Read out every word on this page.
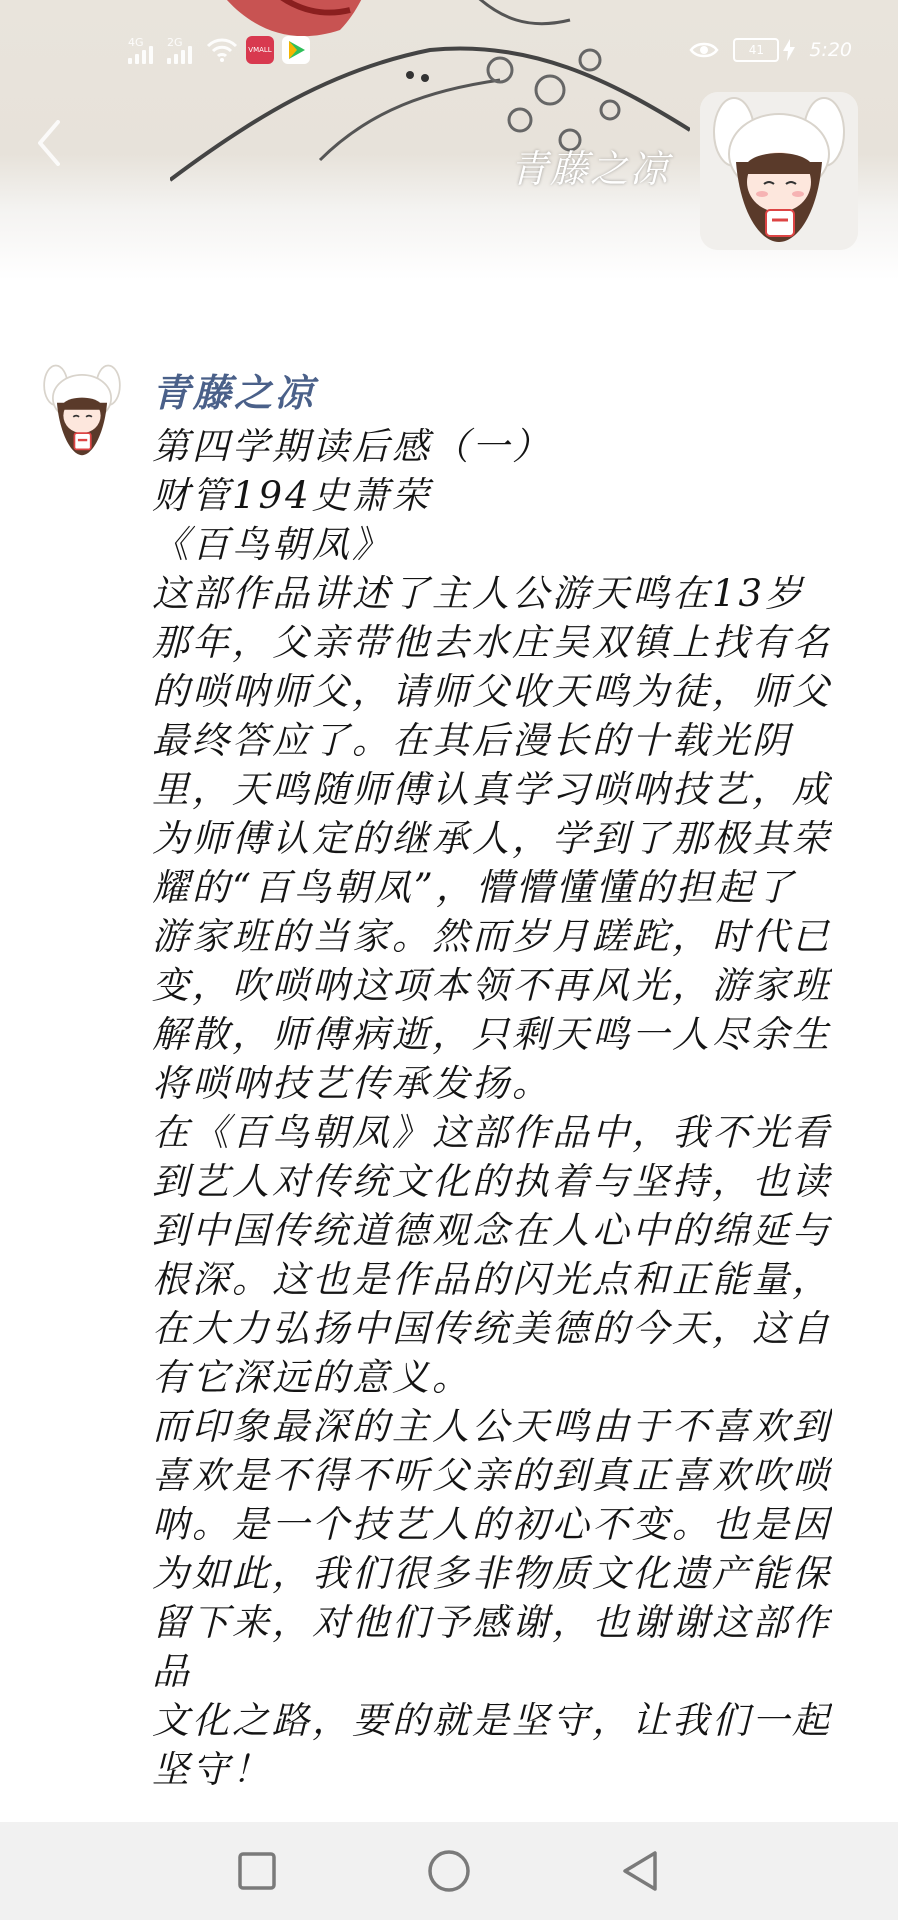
4G 2G
VMALL	41 5:20
青藤之凉
青藤之凉

第四学期读后感（一）

财管194史萧荣

《百鸟朝凤》

这部作品讲述了主人公游天鸣在13岁那年，父亲带他去水庄吴双镇上找有名的唢呐师父，请师父收天鸣为徒，师父最终答应了。在其后漫长的十载光阴里，天鸣随师傅认真学习唢呐技艺，成为师傅认定的继承人，学到了那极其荣耀的“百鸟朝凤”，懵懵懂懂的担起了游家班的当家。然而岁月蹉跎，时代已变，吹唢呐这项本领不再风光，游家班解散，师傅病逝，只剩天鸣一人尽余生将唢呐技艺传承发扬。

在《百鸟朝凤》这部作品中，我不光看到艺人对传统文化的执着与坚持，也读到中国传统道德观念在人心中的绵延与根深。这也是作品的闪光点和正能量，在大力弘扬中国传统美德的今天，这自有它深远的意义。

而印象最深的主人公天鸣由于不喜欢到喜欢是不得不听父亲的到真正喜欢吹唢呐。是一个技艺人的初心不变。也是因为如此，我们很多非物质文化遗产能保留下来，对他们予感谢，也谢谢这部作品

文化之路，要的就是坚守，让我们一起坚守！
